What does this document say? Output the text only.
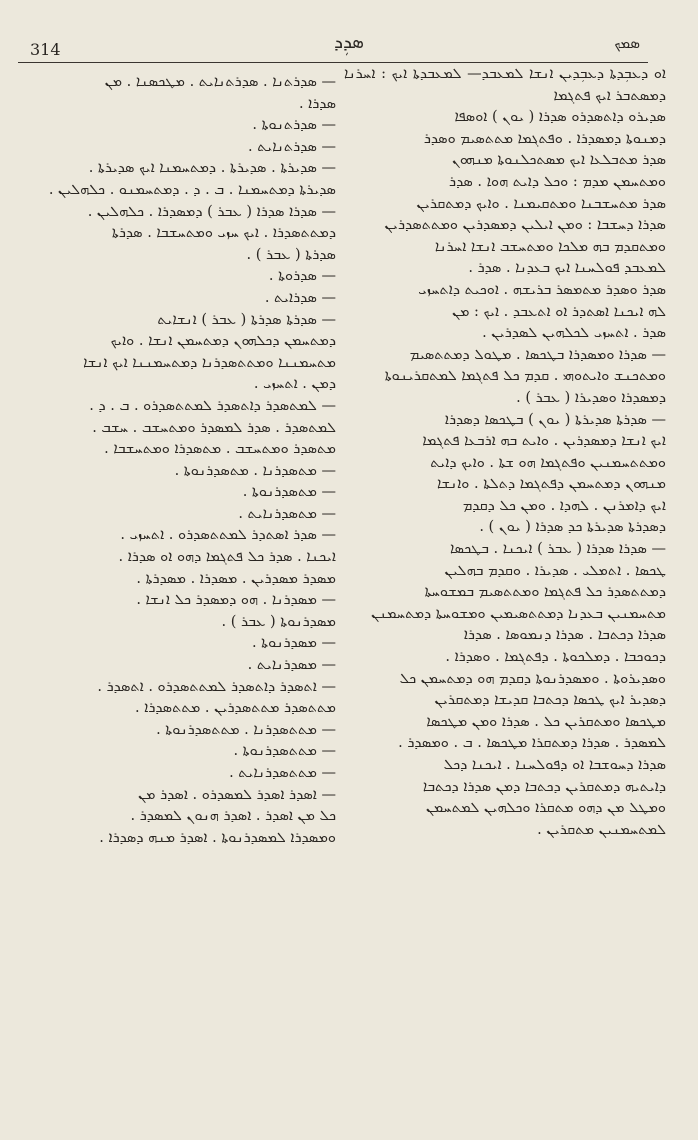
314	ܣܕܼܕ	ܣܡܟ

ܐܘ ܕܥܒܼܕܬܐ ܕܥܒܼܕܝܢ ܐܢܫܐ ܠܡܥܒܕ— ܠܡܥܒܕܬܐ ܐܝܟ : ܐܚܪܢܐ ܕܡܣܬܒܪ ܐܝܟ ܦܬܓܡܐ

ܣܕܝܪܘ ܕܐܬܣܕܪܘ ܣܕܪܐ ( ܝܘܢ ) ܐܘܣܦܐ

ܕܡܢܘܬܐ ܕܡܣܕܪܐ . ܘܦܬܓܡܐ ܡܬܬܣܝܡ ܘܣܕܪ

ܣܕܪ ܡܬܒܠܥܐ ܐܝܟ ܡܣܬܟܠܢܘܬܐ ܡܢܗܘܢ

ܘܡܬܚܡܢ ܡܕܡ : ܘܟܠ ܕܐܝܬ ܗܘܐ . ܣܕܪ

ܣܕܪ ܡܬܚܫܒܢܐ ܘܡܬܩܝܡܢܐ . ܘܐܝܟ ܕܡܬܩܪܝܢ

ܣܕܪܐ ܕܚܫܒܐ : ܘܡܢ ܐܝܠܝܢ ܕܡܣܕܪܝܢ ܘܡܬܬܣܕܪܝܢ

ܘܡܬܩܕܡ ܒܗ ܡܠܟܐ ܘܡܬܚܫܒ ܐܢܫܐ ܐܚܪܢܐ

ܠܡܥܒܕ ܦܘܠܚܢܐ ܐܝܟ ܒܥܕܢܐ . ܣܕܪ .

ܣܕܪ ܘܣܕܪ ܡܬܡܣܪ ܒܪܝܫܗ . ܐܘܟܝܬ ܕܐܬܚܙܝ

ܠܗ ܐܝܟܢܐ ܐܣܬܕܪ ܐܘ ܐܬܥܒܕ . ܐܝܟ : ܡܢ

ܣܕܪ . ܐܬܚܙܝ ܠܟܠܗܝܢ ܠܣܕܪܝܢ .

— ܣܕܪܐ ܘܡܣܕܪܐ ܒܛܟܣܐ . ܡܛܘܠ ܕܡܬܬܣܝܡ

ܘܡܬܟܢܫ ܘܐܝܬܘܗܝ . ܩܕܡ ܟܠ ܦܬܓܡܐ ܠܡܬܩܪܝܢܘܬܐ

ܕܡܣܕܪܐ ܘܣܕܝܪܐ ( ܥܒܪ ) .

— ܣܕܪܬܐ ܣܕܝܪܬܐ ( ܝܘܢ ) ܒܛܟܣܐ ܕܣܕܪܐ

ܐܝܟ ܐܢܫܐ ܕܡܣܕܪܝܢ . ܘܐܝܬ ܒܗ ܐܪܒܥܐ ܦܬܓܡܐ

ܘܡܬܬܚܡܢܝܢ ܘܦܬܓܡܐ ܗܘ ܫܬܐ . ܘܐܝܟ ܕܐܝܬ

ܡܢܗܘܢ ܕܡܬܚܡܢ ܕܦܬܓܡܐ ܕܬܠܬܐ . ܘܐܢܫܐ

ܐܝܟ ܕܐܡܪܢܢ . ܠܗܕܐ . ܘܡܢ ܟܠ ܕܩܕܡ

ܕܣܕܪܬܐ ܣܕܝܪܬܐ ܟܕ ܣܕܪܐ ( ܝܘܢ ) .

— ܣܕܪܐ ܣܕܪܐ ( ܥܒܪ ) ܐܝܟܢܐ . ܒܛܟܣܐ

ܛܟܣܐ . ܐܬܡܠܝ . ܣܕܝܪܐ . ܘܩܕܡ ܒܗܠܝܢ

ܕܡܬܬܣܕܪ ܟܠ ܦܬܓܡܐ ܘܡܬܬܣܝܡ ܒܡܫܘܚܬܐ

ܡܬܚܡܢܝܢ ܒܥܕܢܐ ܕܡܬܬܣܝܡܝܢ ܘܡܫܘܚܬܐ ܕܡܬܚܡܢܢ

ܣܕܪܐ ܕܟܬܒܐ . ܣܕܪܐ ܕܢܡܘܣܐ . ܣܕܪܐ

ܕܟܘܟܒܐ . ܕܡܠܟܘܬܐ . ܕܦܬܓܡܐ . ܘܣܕܪܐ .

ܘܣܕܝܪܘܬܐ . ܘܡܣܕܪܢܘܬܐ ܕܩܕܡ ܗܘ ܕܡܬܚܡܢ ܟܠ

ܕܣܕܝܪ ܐܝܟ ܛܟܣܐ ܕܟܬܒܐ ܩܕܝܫܐ ܕܡܬܩܪܝܢ

ܡܛܟܣܐ ܘܡܬܩܪܝܢ ܟܠ . ܣܕܪܐ ܘܡܢ ܡܛܟܣܐ

ܠܡܣܕܪ . ܣܕܪܐ ܕܡܬܩܪܐ ܡܛܟܣܐ . ܒ . ܘܡܣܕܪ .

ܣܕܪܐ ܕܚܘܫܒܐ ܐܘ ܕܦܘܠܚܢܐ . ܐܝܟܢܐ ܕܟܠ

ܕܐܝܬܝܗ ܕܡܬܩܪܝܢ ܕܟܬܒܐ ܕܡܢ ܣܕܪܐ ܕܟܬܒܐ

ܘܡܛܠ ܡܢ ܕܗܘ ܡܬܩܪܐ ܘܟܠܗܝܢ ܠܡܬܚܡܢ

ܠܡܬܚܡܢܝܢ ܡܬܩܪܝܢ .

— ܣܕܪܬܢܐ . ܣܕܪܬܢܐܝܬ . ܡܛܟܣܢܐ . ܡܢ

ܣܕܪܐ .

— ܣܕܪܬܢܘܬܐ .

— ܣܕܪܬܢܐܝܬ .

— ܣܕܝܪܬܐ . ܣܕܝܪܬܐ . ܕܡܬܚܡܢܐ ܐܝܟ ܣܕܝܪܬܐ .

ܣܕܝܪܬܐ ܕܡܬܚܡܢܐ . ܒ . ܕ . ܕܡܬܚܡܢܘ . ܟܠܗܠܝܢ .

— ܣܕܪܐ ܣܕܪܐ ( ܥܒܪ ) ܕܡܣܕܪܐ . ܟܠܗܠܝܢ .

ܕܡܬܬܣܕܪܐ . ܐܝܟ ܚܙܝ ܘܡܬܚܫܒܐ . ܣܕܪܬܐ

ܣܕܪܬܐ ( ܥܒܪ ) .

— ܣܕܪܘܬܐ .

— ܣܕܪܐܝܬ .

— ܣܕܪܬܐ ܣܕܪܬܐ ( ܥܒܪ ) ܐܢܫܐܝܬ

ܕܡܬܚܡܢ ܕܟܠܗܘܢ ܕܡܬܚܡܢ ܐܢܫܐ . ܘܐܝܟ

ܡܬܚܡܢܢܐ ܘܡܬܬܣܕܪܢܐ ܕܡܬܚܡܢܢܐ ܐܝܟ ܐܢܫܐ

ܕܡܢ . ܐܬܚܙܝ .

— ܠܡܬܣܕܪ ܕܐܬܣܕܪ ܠܡܬܬܣܕܪܘ . ܒ . ܕ .

ܠܡܬܣܕܪ . ܣܕܪ ܠܡܣܕܪ ܘܡܬܚܫܒ . ܚܫܒ .

ܡܬܣܕܪ ܘܡܬܚܫܒ . ܡܬܣܕܪܐ ܘܡܬܚܫܒܐ .

— ܡܬܣܕܪܢܐ . ܡܬܣܕܪܢܘܬܐ .

— ܡܬܣܕܪܢܘܬܐ .

— ܡܬܣܕܪܢܐܝܬ .

— ܣܕܪ ܐܣܬܕܪ ܠܡܬܬܣܕܪܘ . ܐܬܚܙܝ .

ܐܝܟܢܐ . ܣܕܪ ܟܠ ܦܬܓܡܐ ܕܗܘ ܐܘ ܣܕܪܐ .

ܡܣܕܪ ܡܣܕܪܝܢ . ܡܣܕܪܐ . ܡܣܕܪܬܐ .

— ܡܣܕܪܢܐ . ܗܘ ܕܡܣܕܪ ܟܠ ܐܢܫܐ .

ܡܣܕܪܢܘܬܐ ( ܥܒܪ ) .

— ܡܣܕܪܢܘܬܐ .

— ܡܣܕܪܢܐܝܬ .

— ܐܬܣܕܪ ܕܐܬܣܕܪ ܠܡܬܬܣܕܪܘ . ܐܬܣܕܪ .

ܡܬܬܣܕܪ ܡܬܬܣܕܪܝܢ . ܡܬܬܣܕܪܐ .

— ܡܬܬܣܕܪܢܐ . ܡܬܬܣܕܪܢܘܬܐ .

— ܡܬܬܣܕܪܢܘܬܐ .

— ܡܬܬܣܕܪܢܐܝܬ .

— ܐܣܕܪ ܐܣܕܪ ܠܡܣܕܪܘ . ܐܣܕܪ ܡܢ

ܟܠ ܡܢ ܐܣܕܪ . ܐܣܕܪ ܗܢܘܢ ܠܡܣܕܪ .

ܘܡܣܕܪܐ ܠܡܣܕܪܢܘܬܐ . ܐܣܕܪ ܡܢܗ ܕܣܕܪܐ .
